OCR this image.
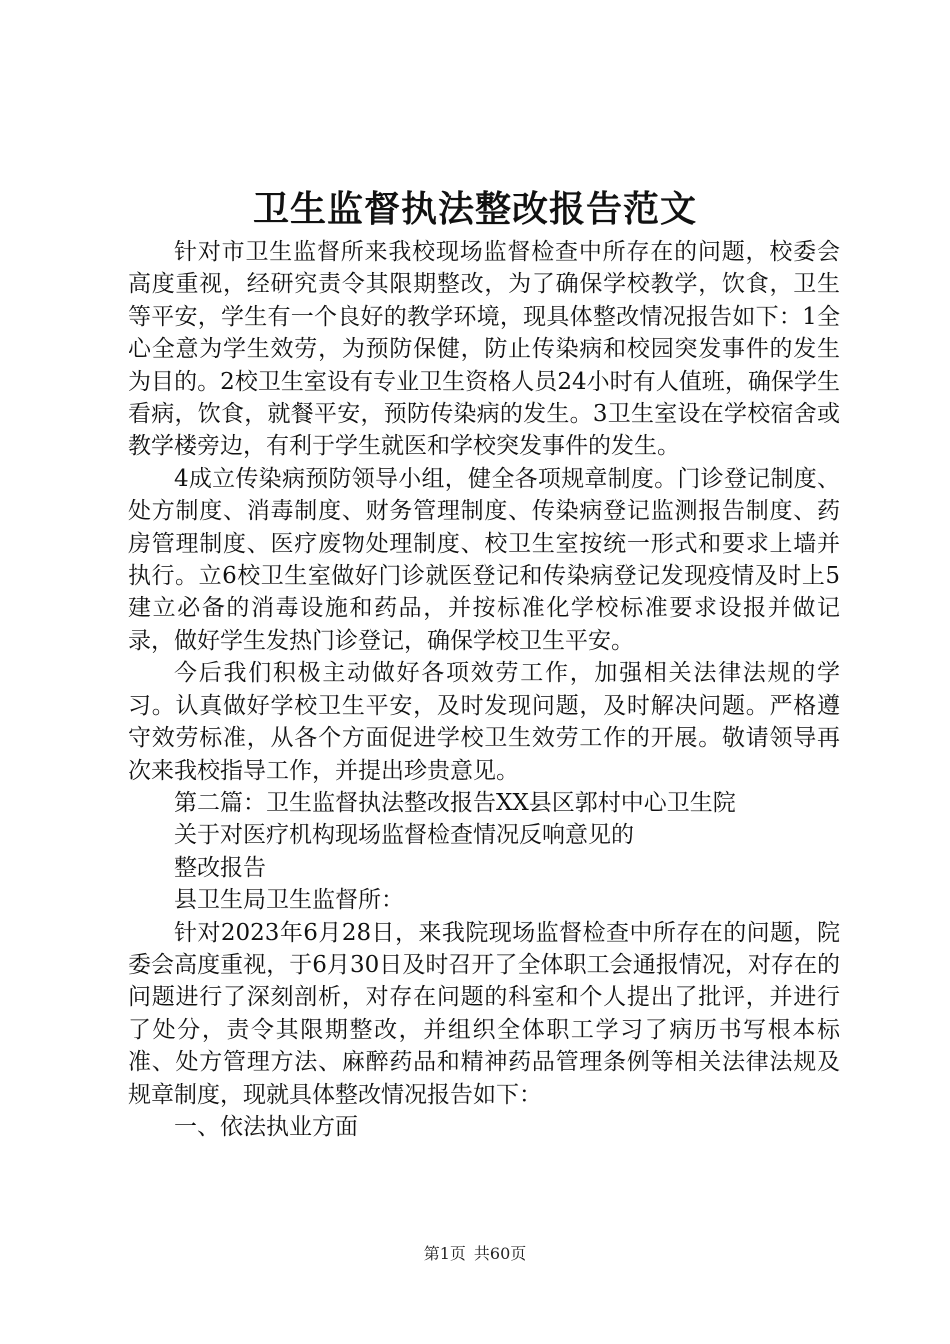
卫生监督执法整改报告范文

针对市卫生监督所来我校现场监督检查中所存在的问题，校委会高度重视，经研究责令其限期整改，为了确保学校教学，饮食，卫生等平安，学生有一个良好的教学环境，现具体整改情况报告如下：1全心全意为学生效劳，为预防保健，防止传染病和校园突发事件的发生为目的。2校卫生室设有专业卫生资格人员24小时有人值班，确保学生看病，饮食，就餐平安，预防传染病的发生。3卫生室设在学校宿舍或教学楼旁边，有利于学生就医和学校突发事件的发生。

4成立传染病预防领导小组，健全各项规章制度。门诊登记制度、处方制度、消毒制度、财务管理制度、传染病登记监测报告制度、药房管理制度、医疗废物处理制度、校卫生室按统一形式和要求上墙并执行。立6校卫生室做好门诊就医登记和传染病登记发现疫情及时上5建立必备的消毒设施和药品，并按标准化学校标准要求设报并做记录，做好学生发热门诊登记，确保学校卫生平安。

今后我们积极主动做好各项效劳工作，加强相关法律法规的学习。认真做好学校卫生平安，及时发现问题，及时解决问题。严格遵守效劳标准，从各个方面促进学校卫生效劳工作的开展。敬请领导再次来我校指导工作，并提出珍贵意见。

第二篇：卫生监督执法整改报告XX县区郭村中心卫生院

关于对医疗机构现场监督检查情况反响意见的

整改报告

县卫生局卫生监督所：

针对2023年6月28日，来我院现场监督检查中所存在的问题，院委会高度重视，于6月30日及时召开了全体职工会通报情况，对存在的问题进行了深刻剖析，对存在问题的科室和个人提出了批评，并进行了处分，责令其限期整改，并组织全体职工学习了病历书写根本标准、处方管理方法、麻醉药品和精神药品管理条例等相关法律法规及规章制度，现就具体整改情况报告如下：

一、依法执业方面

第1页 共60页
